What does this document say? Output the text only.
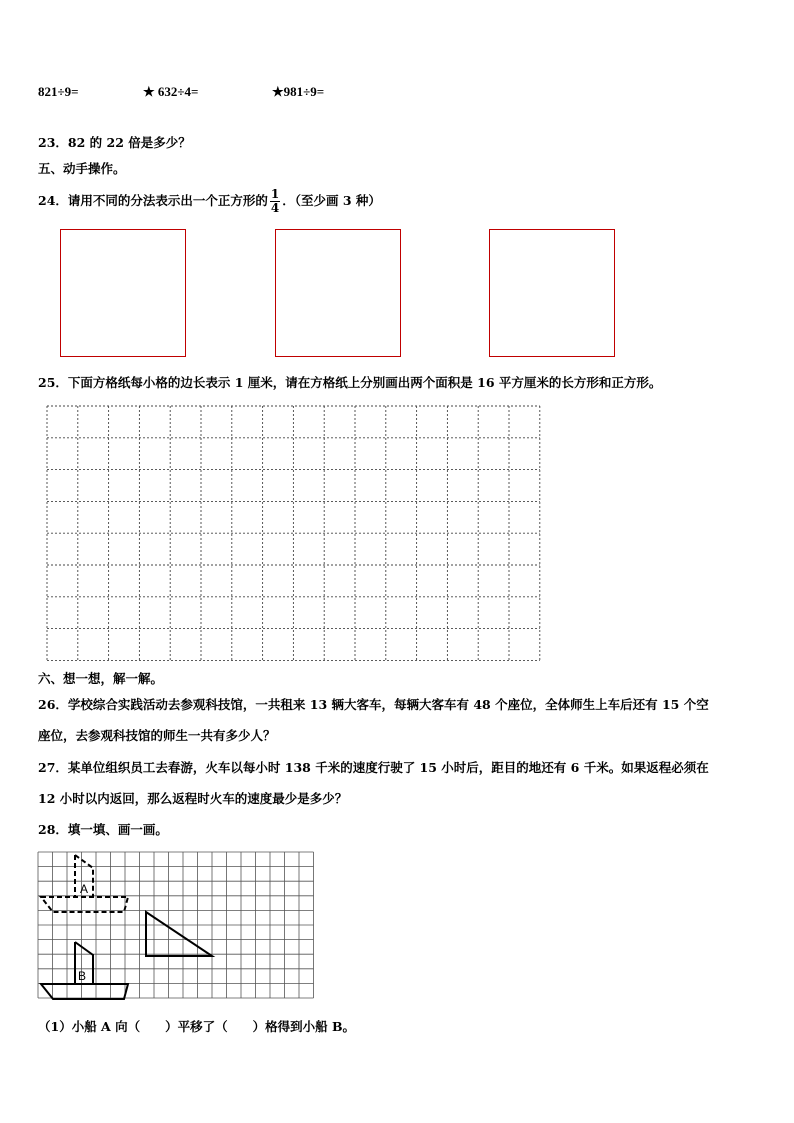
821÷9=	★ 632÷4=	★981÷9=
23．82 的 22 倍是多少？
五、动手操作。
24．请用不同的分法表示出一个正方形的 $\frac{1}{4}$ ．（至少画 3 种）
25．下面方格纸每小格的边长表示 1 厘米，请在方格纸上分别画出两个面积是 16 平方厘米的长方形和正方形。
六、想一想，解一解。
26．学校综合实践活动去参观科技馆，一共租来 13 辆大客车，每辆大客车有 48 个座位，全体师生上车后还有 15 个空
座位，去参观科技馆的师生一共有多少人？
27．某单位组织员工去春游，火车以每小时 138 千米的速度行驶了 15 小时后，距目的地还有 6 千米。如果返程必须在
12 小时以内返回，那么返程时火车的速度最少是多少？
28．填一填、画一画。
A
B
（1）小船 A 向（　　）平移了（　　）格得到小船 B。
